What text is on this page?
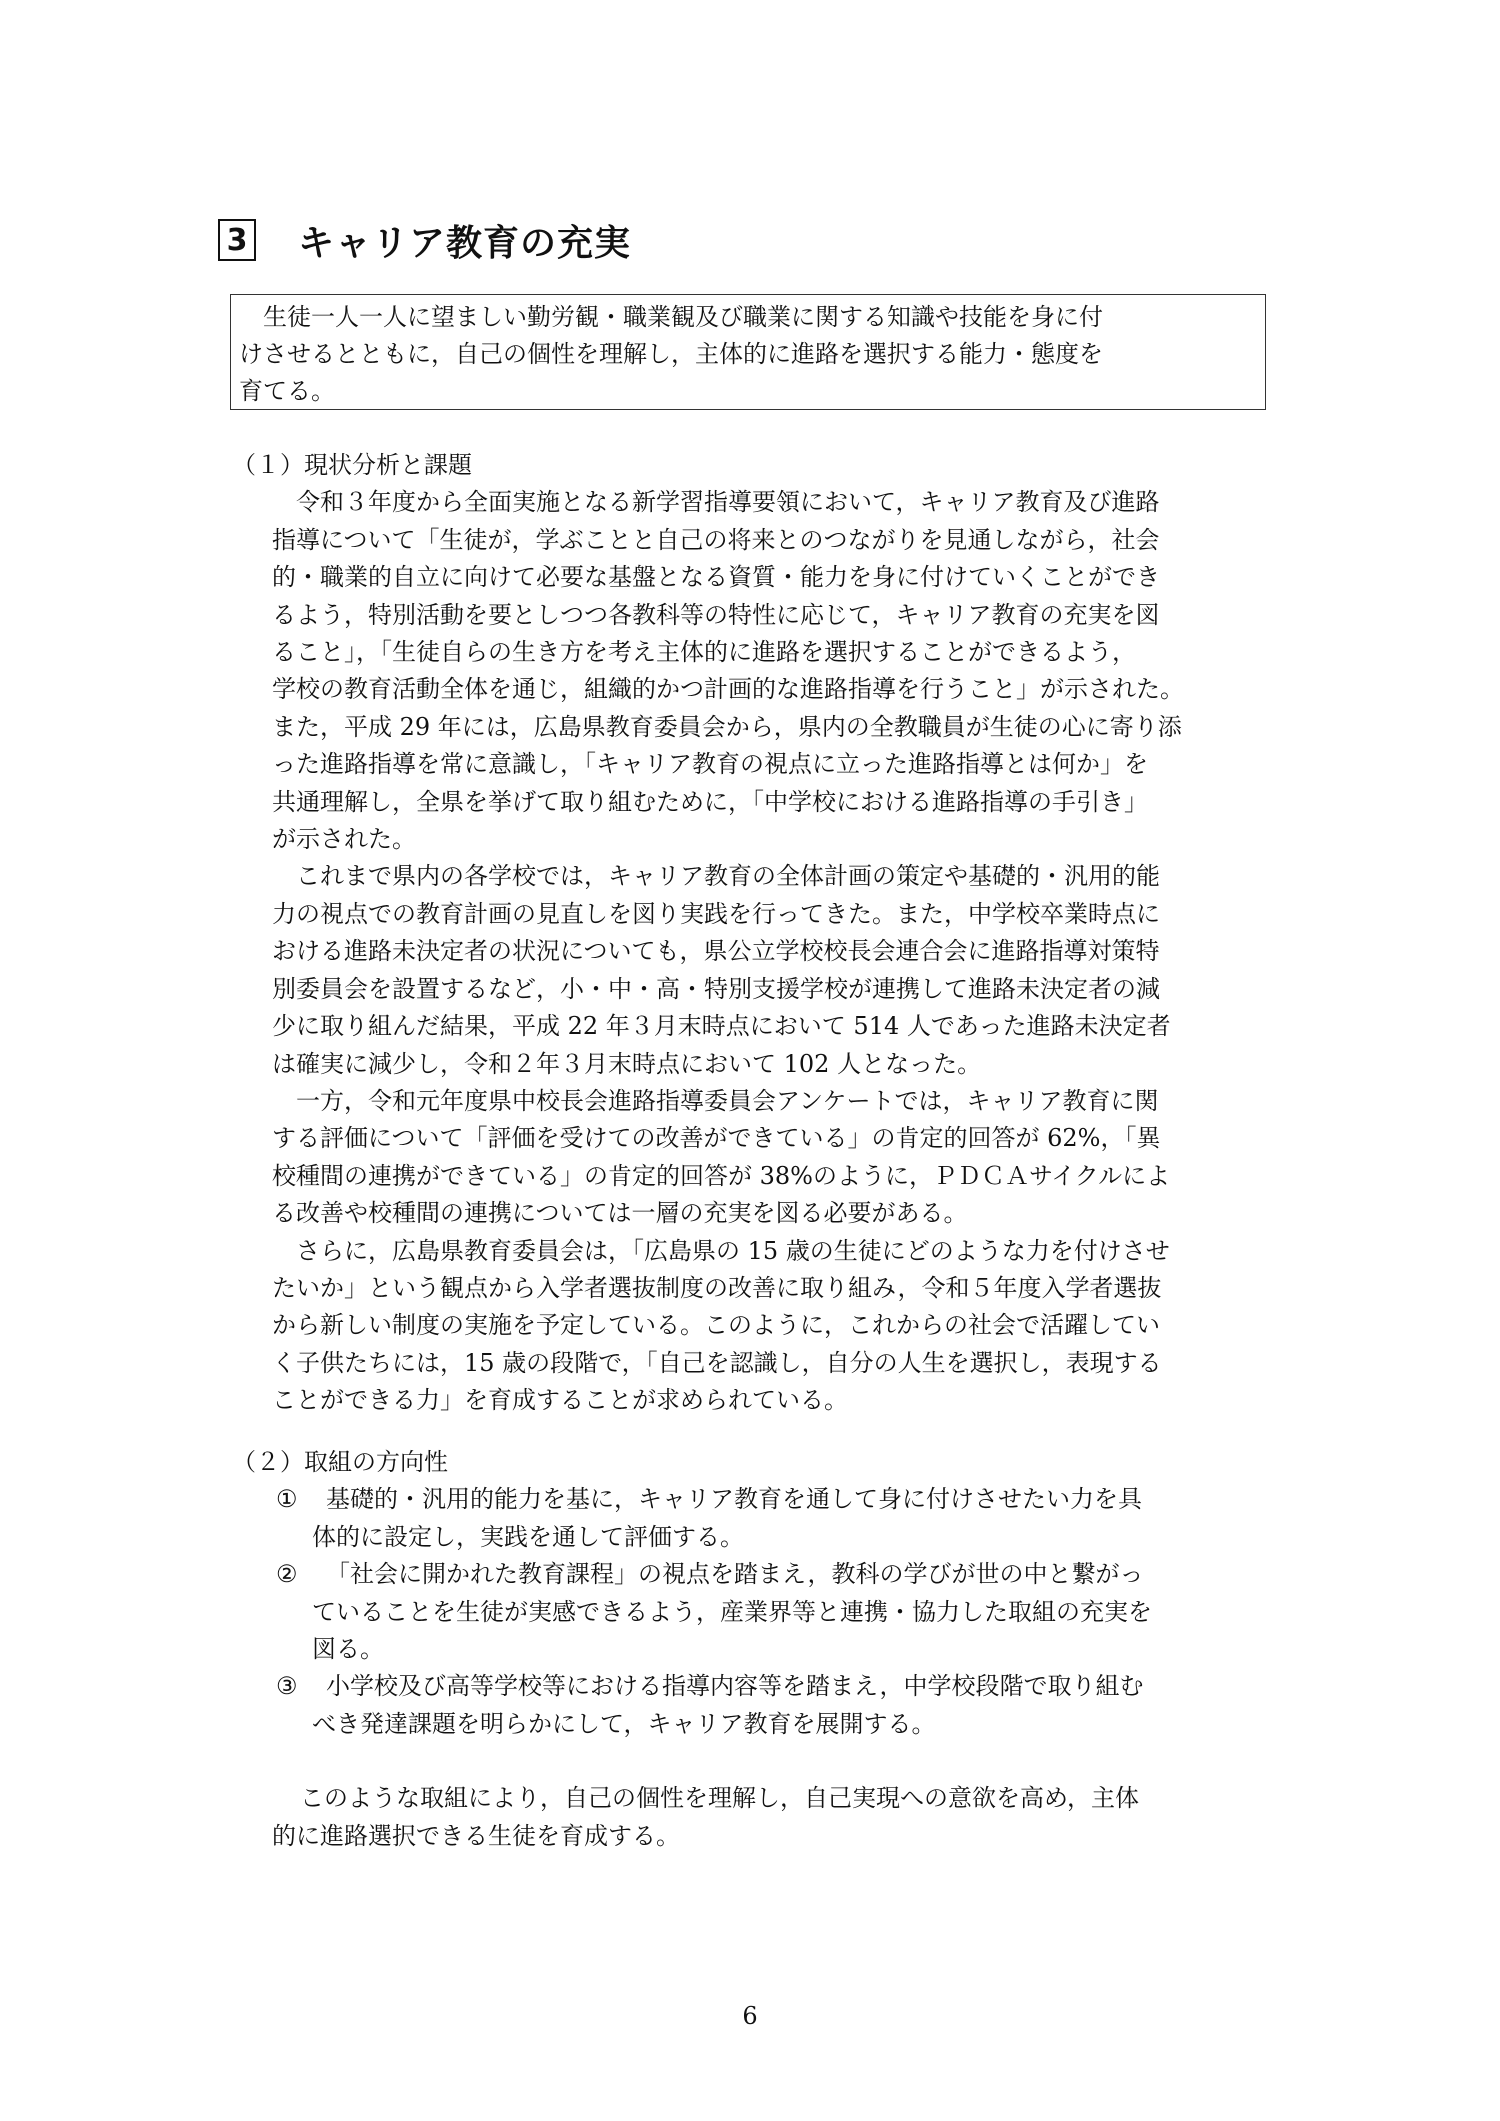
3 キャリア教育の充実

生徒一人一人に望ましい勤労観・職業観及び職業に関する知識や技能を身に付

けさせるとともに，自己の個性を理解し，主体的に進路を選択する能力・態度を

育てる。

（１）現状分析と課題

令和３年度から全面実施となる新学習指導要領において，キャリア教育及び進路

指導について「生徒が，学ぶことと自己の将来とのつながりを見通しながら，社会

的・職業的自立に向けて必要な基盤となる資質・能力を身に付けていくことができ

るよう，特別活動を要としつつ各教科等の特性に応じて，キャリア教育の充実を図

ること」，「生徒自らの生き方を考え主体的に進路を選択することができるよう，

学校の教育活動全体を通じ，組織的かつ計画的な進路指導を行うこと」が示された。

また，平成 29 年には，広島県教育委員会から，県内の全教職員が生徒の心に寄り添

った進路指導を常に意識し，「キャリア教育の視点に立った進路指導とは何か」を

共通理解し，全県を挙げて取り組むために，「中学校における進路指導の手引き」

が示された。

これまで県内の各学校では，キャリア教育の全体計画の策定や基礎的・汎用的能

力の視点での教育計画の見直しを図り実践を行ってきた。また，中学校卒業時点に

おける進路未決定者の状況についても，県公立学校校長会連合会に進路指導対策特

別委員会を設置するなど，小・中・高・特別支援学校が連携して進路未決定者の減

少に取り組んだ結果，平成 22 年３月末時点において 514 人であった進路未決定者

は確実に減少し，令和２年３月末時点において 102 人となった。

一方，令和元年度県中校長会進路指導委員会アンケートでは，キャリア教育に関

する評価について「評価を受けての改善ができている」の肯定的回答が 62%，「異

校種間の連携ができている」の肯定的回答が 38%のように，ＰＤＣＡサイクルによ

る改善や校種間の連携については一層の充実を図る必要がある。

さらに，広島県教育委員会は，「広島県の 15 歳の生徒にどのような力を付けさせ

たいか」という観点から入学者選抜制度の改善に取り組み，令和５年度入学者選抜

から新しい制度の実施を予定している。このように，これからの社会で活躍してい

く子供たちには，15 歳の段階で，「自己を認識し，自分の人生を選択し，表現する

ことができる力」を育成することが求められている。

（２）取組の方向性

①	基礎的・汎用的能力を基に，キャリア教育を通して身に付けさせたい力を具

体的に設定し，実践を通して評価する。

②	「社会に開かれた教育課程」の視点を踏まえ，教科の学びが世の中と繋がっ

ていることを生徒が実感できるよう，産業界等と連携・協力した取組の充実を

図る。

③	小学校及び高等学校等における指導内容等を踏まえ，中学校段階で取り組む

べき発達課題を明らかにして，キャリア教育を展開する。

このような取組により，自己の個性を理解し，自己実現への意欲を高め，主体

的に進路選択できる生徒を育成する。

6
